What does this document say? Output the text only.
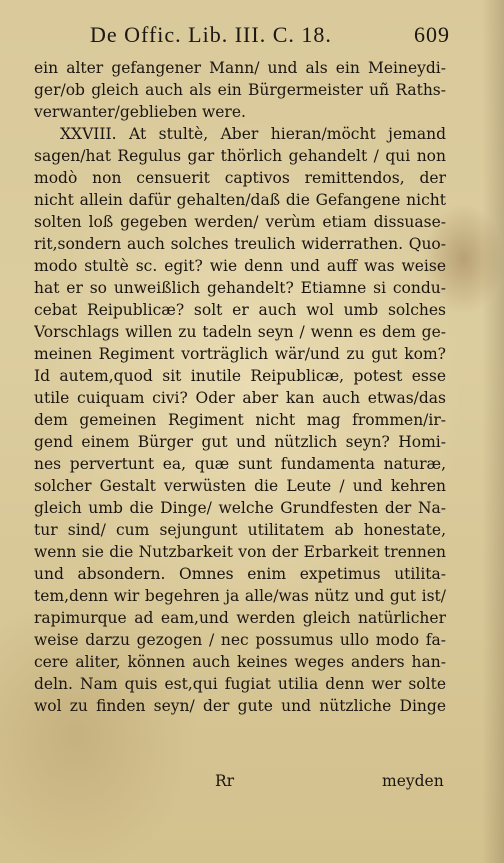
De Offic. Lib. III. C. 18.	609
ein alter gefangener Mann/ und als ein Meineydi-
ger/ob gleich auch als ein Bürgermeister uñ Raths-
verwanter/geblieben were.
XXVIII. At stultè, Aber hieran/möcht jemand
sagen/hat Regulus gar thörlich gehandelt / qui non
modò non censuerit captivos remittendos, der
nicht allein dafür gehalten/daß die Gefangene nicht
solten loß gegeben werden/ verùm etiam dissuase-
rit,sondern auch solches treulich widerrathen. Quo-
modo stultè sc. egit? wie denn und auff was weise
hat er so unweißlich gehandelt? Etiamne si condu-
cebat Reipublicæ? solt er auch wol umb solches
Vorschlags willen zu tadeln seyn / wenn es dem ge-
meinen Regiment vorträglich wär/und zu gut kom?
Id autem,quod sit inutile Reipublicæ, potest esse
utile cuiquam civi? Oder aber kan auch etwas/das
dem gemeinen Regiment nicht mag frommen/ir-
gend einem Bürger gut und nützlich seyn? Homi-
nes pervertunt ea, quæ sunt fundamenta naturæ,
solcher Gestalt verwüsten die Leute / und kehren
gleich umb die Dinge/ welche Grundfesten der Na-
tur sind/ cum sejungunt utilitatem ab honestate,
wenn sie die Nutzbarkeit von der Erbarkeit trennen
und absondern. Omnes enim expetimus utilita-
tem,denn wir begehren ja alle/was nütz und gut ist/
rapimurque ad eam,und werden gleich natürlicher
weise darzu gezogen / nec possumus ullo modo fa-
cere aliter, können auch keines weges anders han-
deln. Nam quis est,qui fugiat utilia denn wer solte
wol zu finden seyn/ der gute und nützliche Dinge
Rr	meyden
